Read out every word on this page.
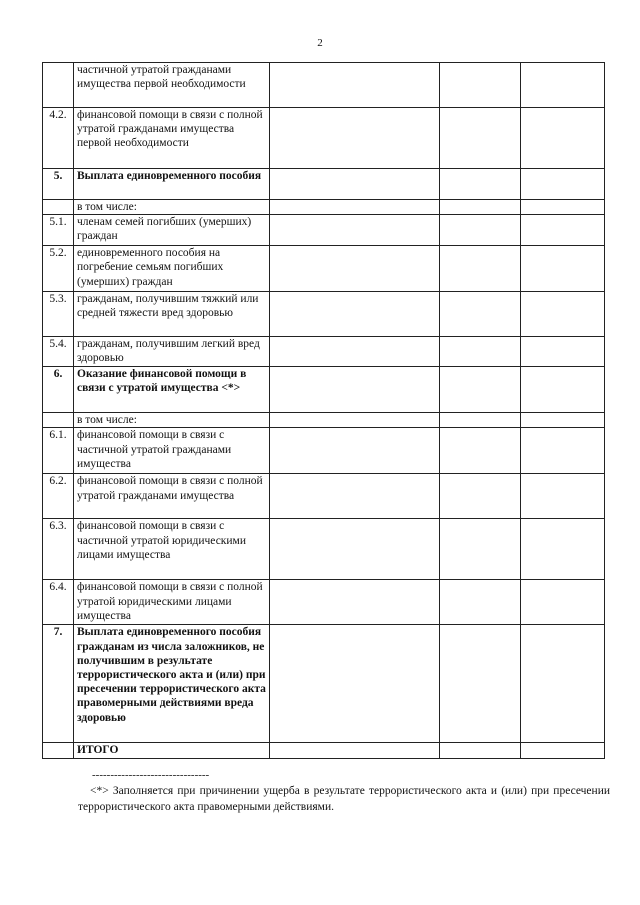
2
	частичной утратой гражданами имущества первой необходимости			
4.2.	финансовой помощи в связи с полной утратой гражданами имущества первой необходимости			
5.	Выплата единовременного пособия			
	в том числе:			
5.1.	членам семей погибших (умерших) граждан			
5.2.	единовременного пособия на погребение семьям погибших (умерших) граждан			
5.3.	гражданам, получившим тяжкий или средней тяжести вред здоровью			
5.4.	гражданам, получившим легкий вред здоровью			
6.	Оказание финансовой помощи в связи с утратой имущества <*>			
	в том числе:			
6.1.	финансовой помощи в связи с частичной утратой гражданами имущества			
6.2.	финансовой помощи в связи с полной утратой гражданами имущества			
6.3.	финансовой помощи в связи с частичной утратой юридическими лицами имущества			
6.4.	финансовой помощи в связи с полной утратой юридическими лицами имущества			
7.	Выплата единовременного пособия гражданам из числа заложников, не получившим в результате террористического акта и (или) при пресечении террористического акта правомерными действиями вреда здоровью			
	ИТОГО			
--------------------------------
<*> Заполняется при причинении ущерба в результате террористического акта и (или) при пресечении террористического акта правомерными действиями.
